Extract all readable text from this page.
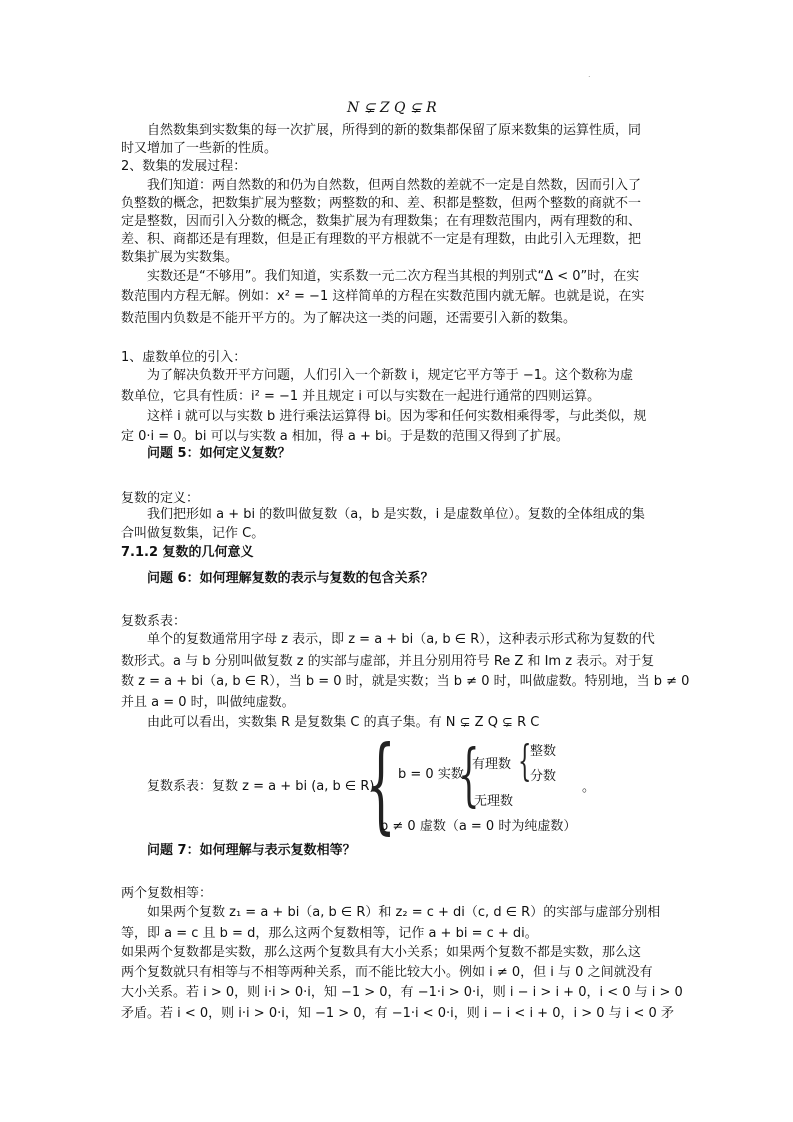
.
N ⊊ Z Q ⊊ R
自然数集到实数集的每一次扩展，所得到的新的数集都保留了原来数集的运算性质，同
时又增加了一些新的性质。
2、数集的发展过程：
我们知道：两自然数的和仍为自然数，但两自然数的差就不一定是自然数，因而引入了
负整数的概念，把数集扩展为整数；两整数的和、差、积都是整数，但两个整数的商就不一
定是整数，因而引入分数的概念，数集扩展为有理数集；在有理数范围内，两有理数的和、
差、积、商都还是有理数，但是正有理数的平方根就不一定是有理数，由此引入无理数，把
数集扩展为实数集。
实数还是“不够用”。我们知道，实系数一元二次方程当其根的判别式“Δ < 0”时，在实
数范围内方程无解。例如：x² = −1 这样简单的方程在实数范围内就无解。也就是说，在实
数范围内负数是不能开平方的。为了解决这一类的问题，还需要引入新的数集。
1、虚数单位的引入：
为了解决负数开平方问题，人们引入一个新数 i，规定它平方等于 −1。这个数称为虚
数单位，它具有性质：i² = −1 并且规定 i 可以与实数在一起进行通常的四则运算。
这样 i 就可以与实数 b 进行乘法运算得 bi。因为零和任何实数相乘得零，与此类似，规
定 0·i = 0。bi 可以与实数 a 相加，得 a + bi。于是数的范围又得到了扩展。
问题 5：如何定义复数？
复数的定义：
我们把形如 a + bi 的数叫做复数（a，b 是实数，i 是虚数单位）。复数的全体组成的集
合叫做复数集，记作 C。
7.1.2 复数的几何意义
问题 6：如何理解复数的表示与复数的包含关系？
复数系表：
单个的复数通常用字母 z 表示，即 z = a + bi（a, b ∈ R），这种表示形式称为复数的代
数形式。a 与 b 分别叫做复数 z 的实部与虚部，并且分别用符号 Re Z 和 Im z 表示。对于复
数 z = a + bi（a, b ∈ R），当 b = 0 时，就是实数；当 b ≠ 0 时，叫做虚数。特别地，当 b ≠ 0
并且 a = 0 时，叫做纯虚数。
由此可以看出，实数集 R 是复数集 C 的真子集。有 N ⊊ Z Q ⊊ R C
复数系表：复数 z = a + bi (a, b ∈ R)
{ b = 0 实数
{
有理数 {
整数
分数
。
无理数
b ≠ 0 虚数（a = 0 时为纯虚数）
问题 7：如何理解与表示复数相等？
两个复数相等：
如果两个复数 z₁ = a + bi（a, b ∈ R）和 z₂ = c + di（c, d ∈ R）的实部与虚部分别相
等，即 a = c 且 b = d，那么这两个复数相等，记作 a + bi = c + di。
如果两个复数都是实数，那么这两个复数具有大小关系；如果两个复数不都是实数，那么这
两个复数就只有相等与不相等两种关系，而不能比较大小。例如 i ≠ 0，但 i 与 0 之间就没有
大小关系。若 i > 0，则 i·i > 0·i，知 −1 > 0，有 −1·i > 0·i，则 i − i > i + 0，i < 0 与 i > 0
矛盾。若 i < 0，则 i·i > 0·i，知 −1 > 0，有 −1·i < 0·i，则 i − i < i + 0，i > 0 与 i < 0 矛
